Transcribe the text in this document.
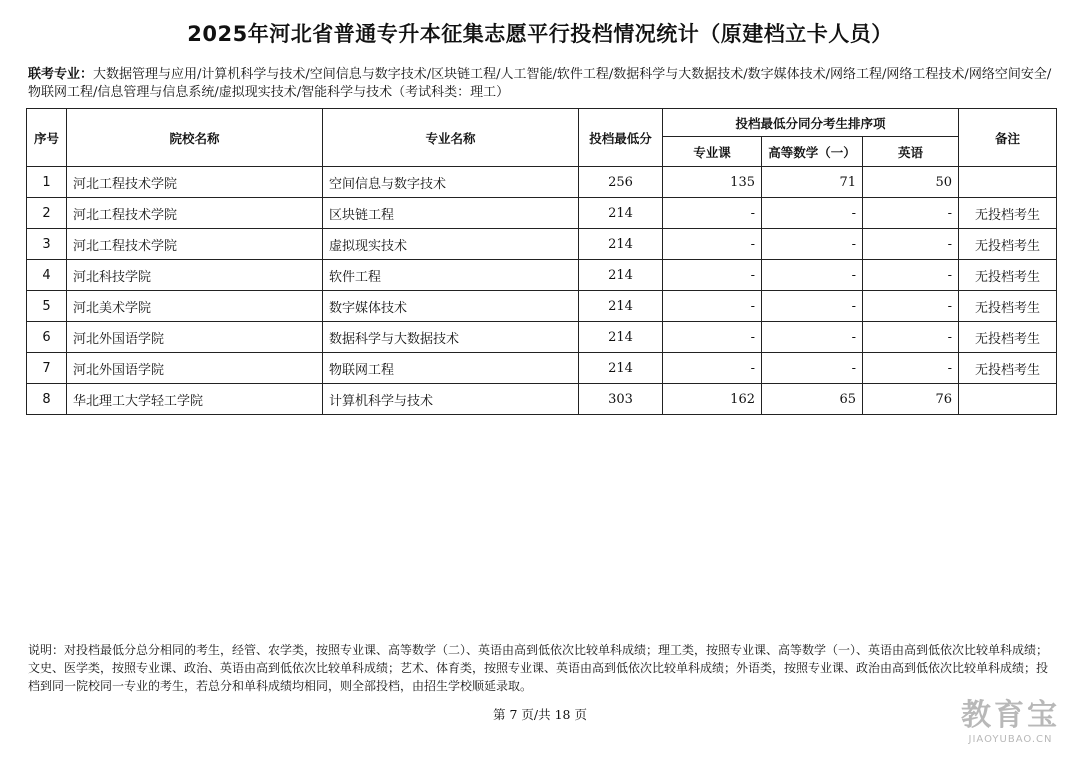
2025年河北省普通专升本征集志愿平行投档情况统计（原建档立卡人员）
联考专业：大数据管理与应用/计算机科学与技术/空间信息与数字技术/区块链工程/人工智能/软件工程/数据科学与大数据技术/数字媒体技术/网络工程/网络工程技术/网络空间安全/物联网工程/信息管理与信息系统/虚拟现实技术/智能科学与技术（考试科类：理工）
序号	院校名称	专业名称	投档最低分	投档最低分同分考生排序项			备注
				专业课	高等数学（一）	英语	
1	河北工程技术学院	空间信息与数字技术	256	135	71	50	
2	河北工程技术学院	区块链工程	214	-	-	-	无投档考生
3	河北工程技术学院	虚拟现实技术	214	-	-	-	无投档考生
4	河北科技学院	软件工程	214	-	-	-	无投档考生
5	河北美术学院	数字媒体技术	214	-	-	-	无投档考生
6	河北外国语学院	数据科学与大数据技术	214	-	-	-	无投档考生
7	河北外国语学院	物联网工程	214	-	-	-	无投档考生
8	华北理工大学轻工学院	计算机科学与技术	303	162	65	76	
说明：对投档最低分总分相同的考生，经管、农学类，按照专业课、高等数学（二）、英语由高到低依次比较单科成绩；理工类，按照专业课、高等数学（一）、英语由高到低依次比较单科成绩；文史、医学类，按照专业课、政治、英语由高到低依次比较单科成绩；艺术、体育类，按照专业课、英语由高到低依次比较单科成绩；外语类，按照专业课、政治由高到低依次比较单科成绩；投档到同一院校同一专业的考生，若总分和单科成绩均相同，则全部投档，由招生学校顺延录取。
第 7 页/共 18 页	教育宝
JIAOYUBAO.CN
